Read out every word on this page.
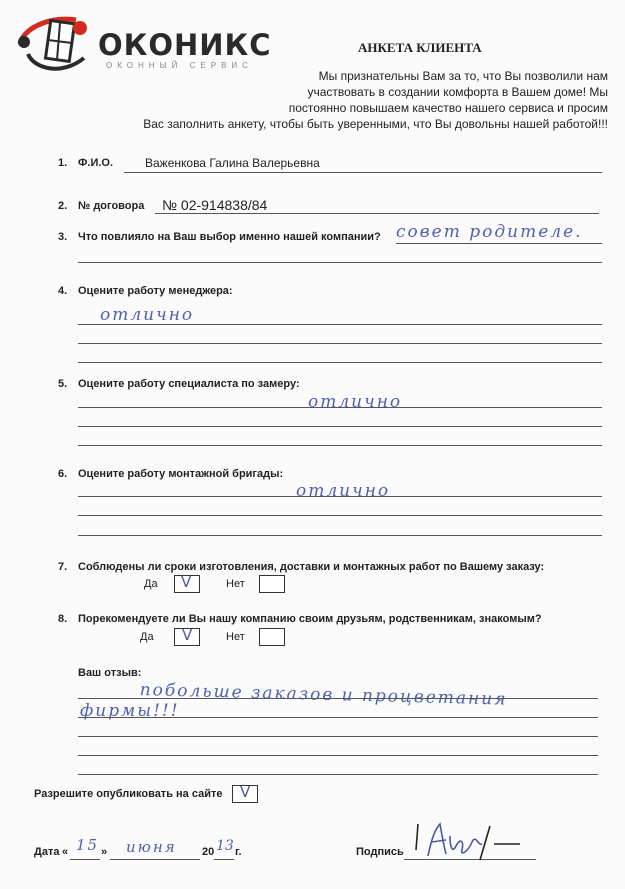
ОКОНИКС
ОКОННЫЙ СЕРВИС
АНКЕТА КЛИЕНТА
Мы признательны Вам за то, что Вы позволили нам
участвовать в создании комфорта в Вашем доме! Мы
постоянно повышаем качество нашего сервиса и просим
Вас заполнить анкету, чтобы быть уверенными, что Вы довольны нашей работой!!!
1. Ф.И.О.	Важенкова Галина Валерьевна
2. № договора № 02-914838/84
3. Что повлияло на Ваш выбор именно нашей компании? совет родителе.
4. Оцените работу менеджера:
отлично
5. Оцените работу специалиста по замеру:
отлично
6. Оцените работу монтажной бригады:
отлично
7. Соблюдены ли сроки изготовления, доставки и монтажных работ по Вашему заказу:
Да V	Нет
8. Порекомендуете ли Вы нашу компанию своим друзьям, родственникам, знакомым?
Да V	Нет
Ваш отзыв:
побольше заказов и процветания
фирмы!!!
Разрешите опубликовать на сайте V
Дата « 15 » июня 20 13 г.	Подпись
